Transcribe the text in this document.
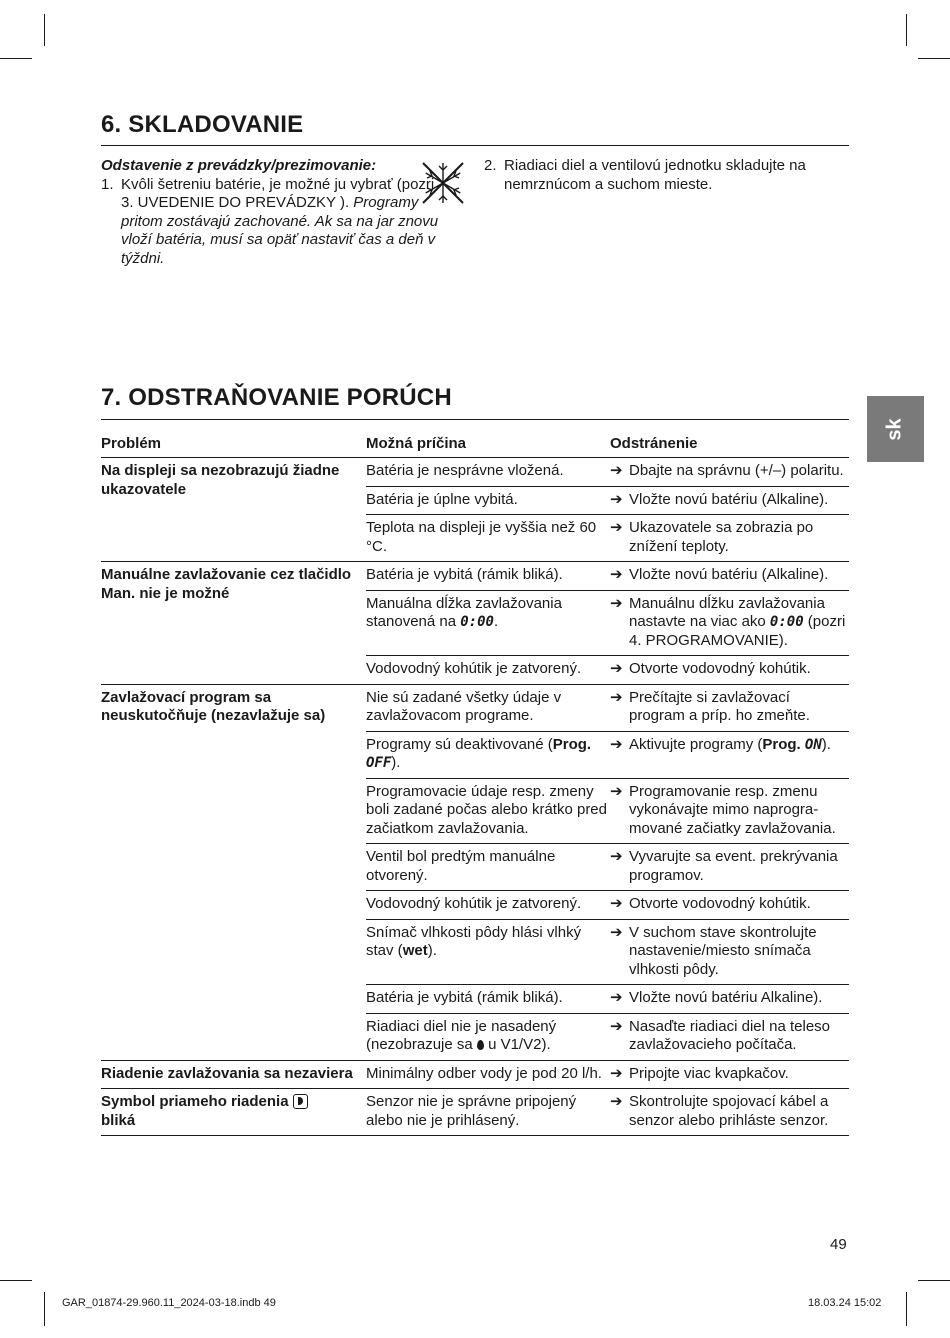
6. SKLADOVANIE
Odstavenie z prevádzky/prezimovanie:
1. Kvôli šetreniu batérie, je možné ju vybrať (pozri 3. UVEDENIE DO PREVÁDZKY ). Programy pritom zostávajú zachované. Ak sa na jar znovu vloží batéria, musí sa opäť nastaviť čas a deň v týždni.
2. Riadiaci diel a ventilovú jednotku skladujte na nemrznúcom a suchom mieste.
7. ODSTRAŇOVANIE PORÚCH
sk
Problém	Možná príčina	Odstránenie
Na displeji sa nezobrazujú žiadne ukazovatele	Batéria je nesprávne vložená.	➔ Dbajte na správnu (+/–) polaritu.

	Batéria je úplne vybitá.	➔ Vložte novú batériu (Alkaline).

	Teplota na displeji je vyššia než 60 °C.	➔ Ukazovatele sa zobrazia po znížení teploty.

Manuálne zavlažovanie cez tlačidlo Man. nie je možné	Batéria je vybitá (rámik bliká).	➔ Vložte novú batériu (Alkaline).

	Manuálna dĺžka zavlažovania stanovená na 0:00.	➔ Manuálnu dĺžku zavlažovania nastavte na viac ako 0:00 (pozri 4. PROGRAMOVANIE).

	Vodovodný kohútik je zatvorený.	➔ Otvorte vodovodný kohútik.

Zavlažovací program sa neuskutočňuje (nezavlažuje sa)	Nie sú zadané všetky údaje v zavlažovacom programe.	➔ Prečítajte si zavlažovací program a príp. ho zmeňte.

	Programy sú deaktivované (Prog. OFF).	➔ Aktivujte programy (Prog. ON).

	Programovacie údaje resp. zmeny boli zadané počas alebo krátko pred začiatkom zavlažovania.	➔ Programovanie resp. zmenu vykonávajte mimo naprogra-mované začiatky zavlažovania.

	Ventil bol predtým manuálne otvorený.	➔ Vyvarujte sa event. prekrývania programov.

	Vodovodný kohútik je zatvorený.	➔ Otvorte vodovodný kohútik.

	Snímač vlhkosti pôdy hlási vlhký stav (wet).	➔ V suchom stave skontrolujte nastavenie/miesto snímača vlhkosti pôdy.

	Batéria je vybitá (rámik bliká).	➔ Vložte novú batériu Alkaline).

	Riadiaci diel nie je nasadený (nezobrazuje sa  u V1/V2).	➔ Nasaďte riadiaci diel na teleso zavlažovacieho počítača.

Riadenie zavlažovania sa nezaviera	Minimálny odber vody je pod 20 l/h.	➔ Pripojte viac kvapkačov.

Symbol priameho riadenia
bliká	Senzor nie je správne pripojený alebo nie je prihlásený.	➔ Skontrolujte spojovací kábel a senzor alebo prihláste senzor.
49
GAR_01874-29.960.11_2024-03-18.indb 49	18.03.24 15:02
